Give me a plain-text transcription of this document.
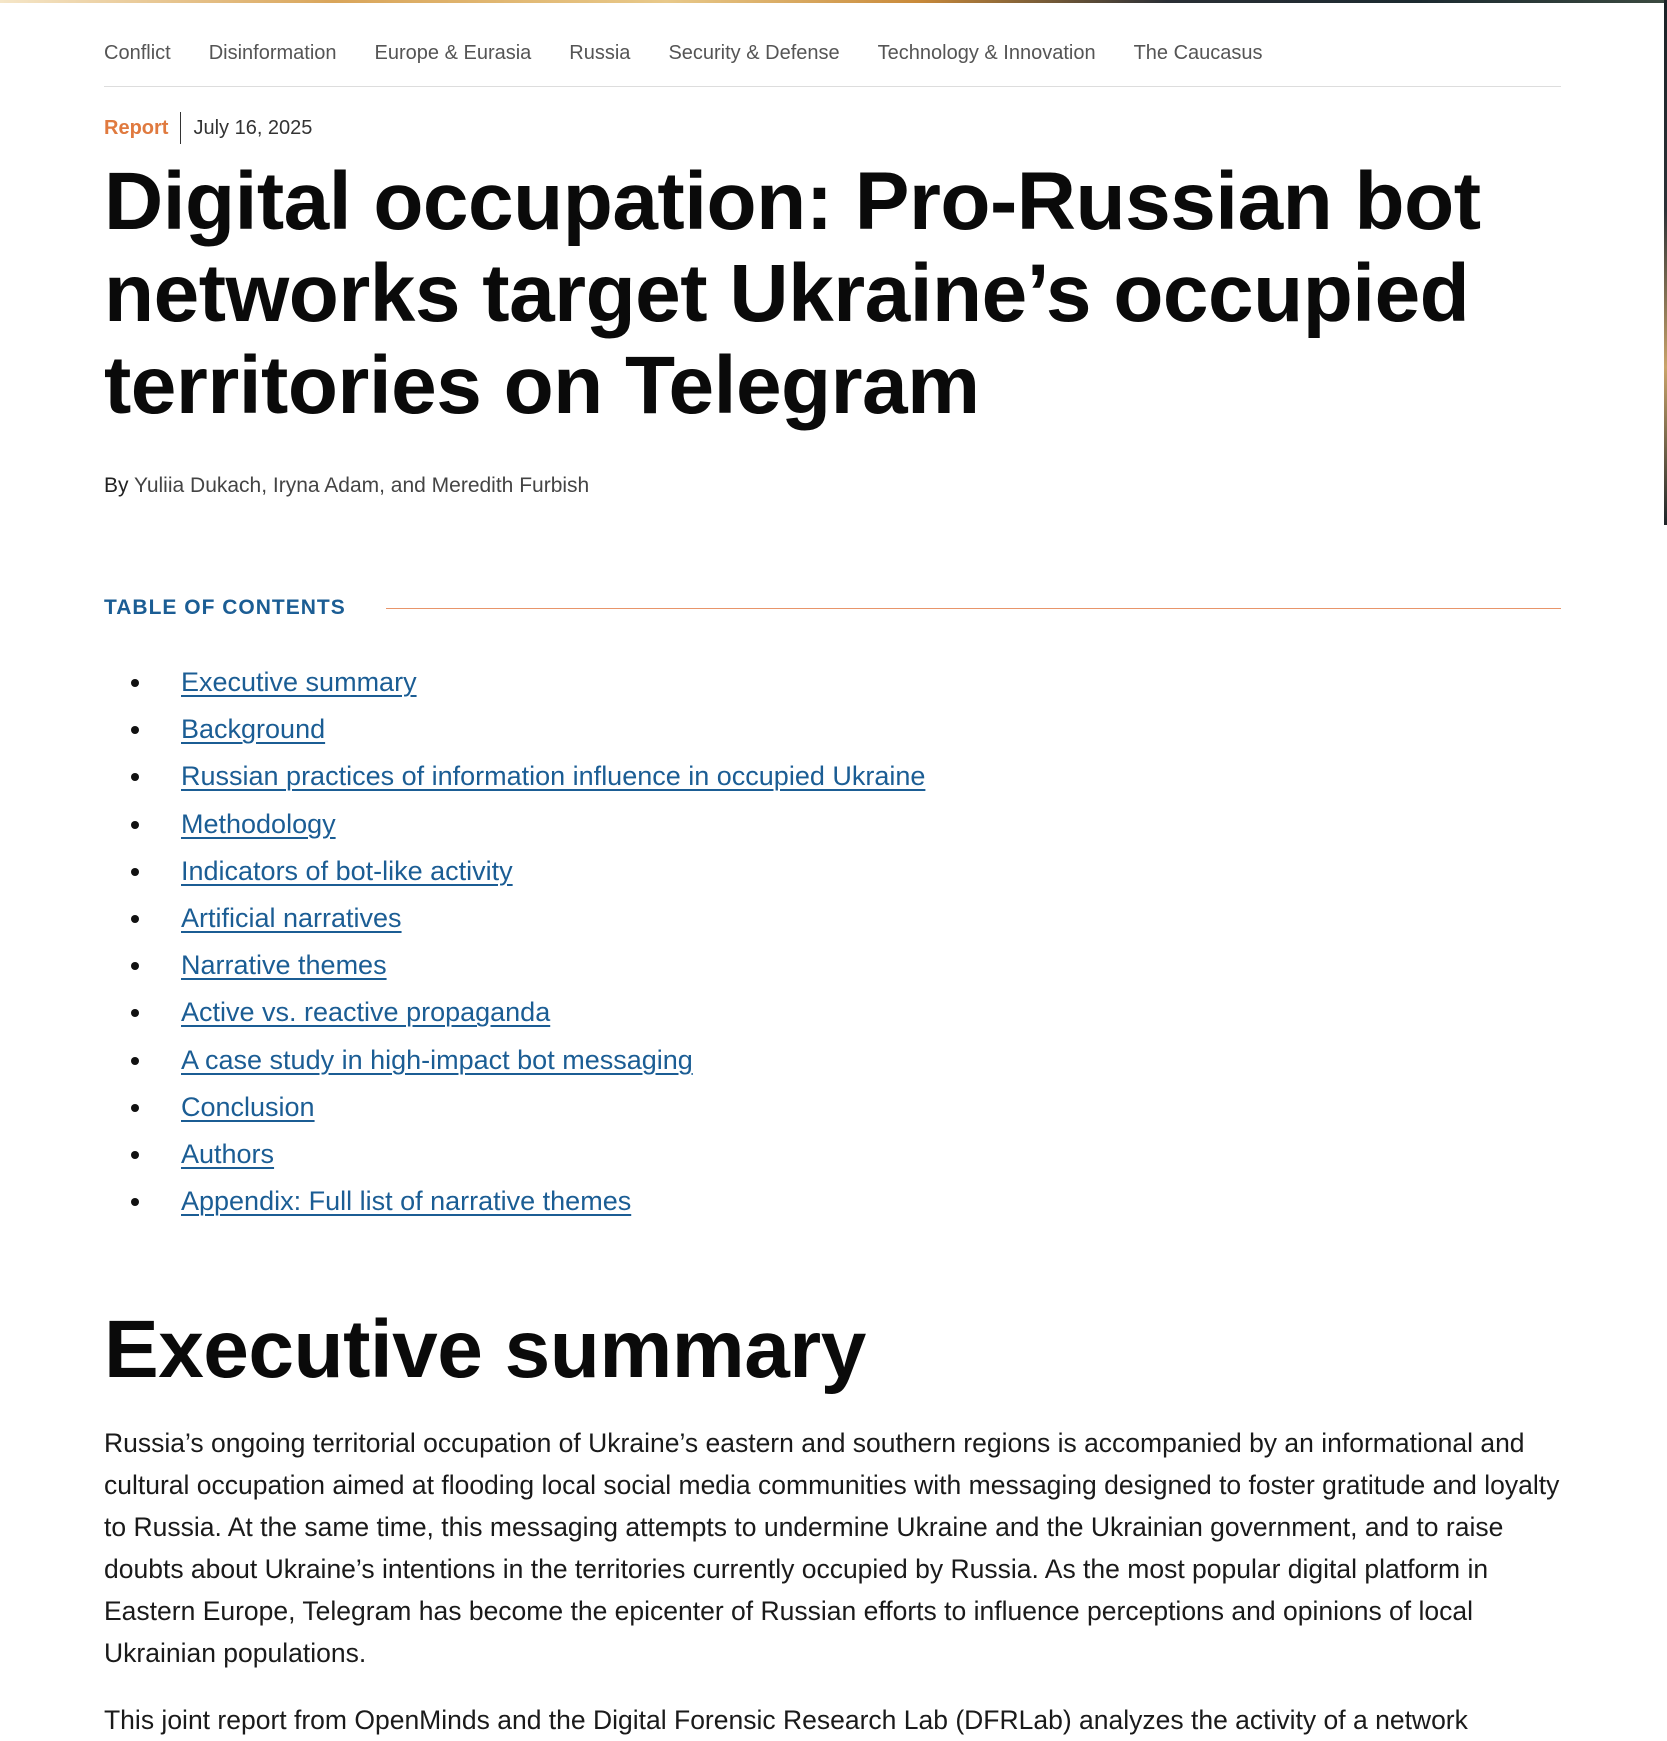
Conflict Disinformation Europe & Eurasia Russia Security & Defense Technology & Innovation The Caucasus
Report	July 16, 2025
Digital occupation: Pro-Russian bot networks target Ukraine’s occupied territories on Telegram
By Yuliia Dukach, Iryna Adam, and Meredith Furbish
TABLE OF CONTENTS
Executive summary
Background
Russian practices of information influence in occupied Ukraine
Methodology
Indicators of bot-like activity
Artificial narratives
Narrative themes
Active vs. reactive propaganda
A case study in high-impact bot messaging
Conclusion
Authors
Appendix: Full list of narrative themes
Executive summary

Russia’s ongoing territorial occupation of Ukraine’s eastern and southern regions is accompanied by an informational and cultural occupation aimed at flooding local social media communities with messaging designed to foster gratitude and loyalty to Russia. At the same time, this messaging attempts to undermine Ukraine and the Ukrainian government, and to raise doubts about Ukraine’s intentions in the territories currently occupied by Russia. As the most popular digital platform in Eastern Europe, Telegram has become the epicenter of Russian efforts to influence perceptions and opinions of local Ukrainian populations.

This joint report from OpenMinds and the Digital Forensic Research Lab (DFRLab) analyzes the activity of a network
